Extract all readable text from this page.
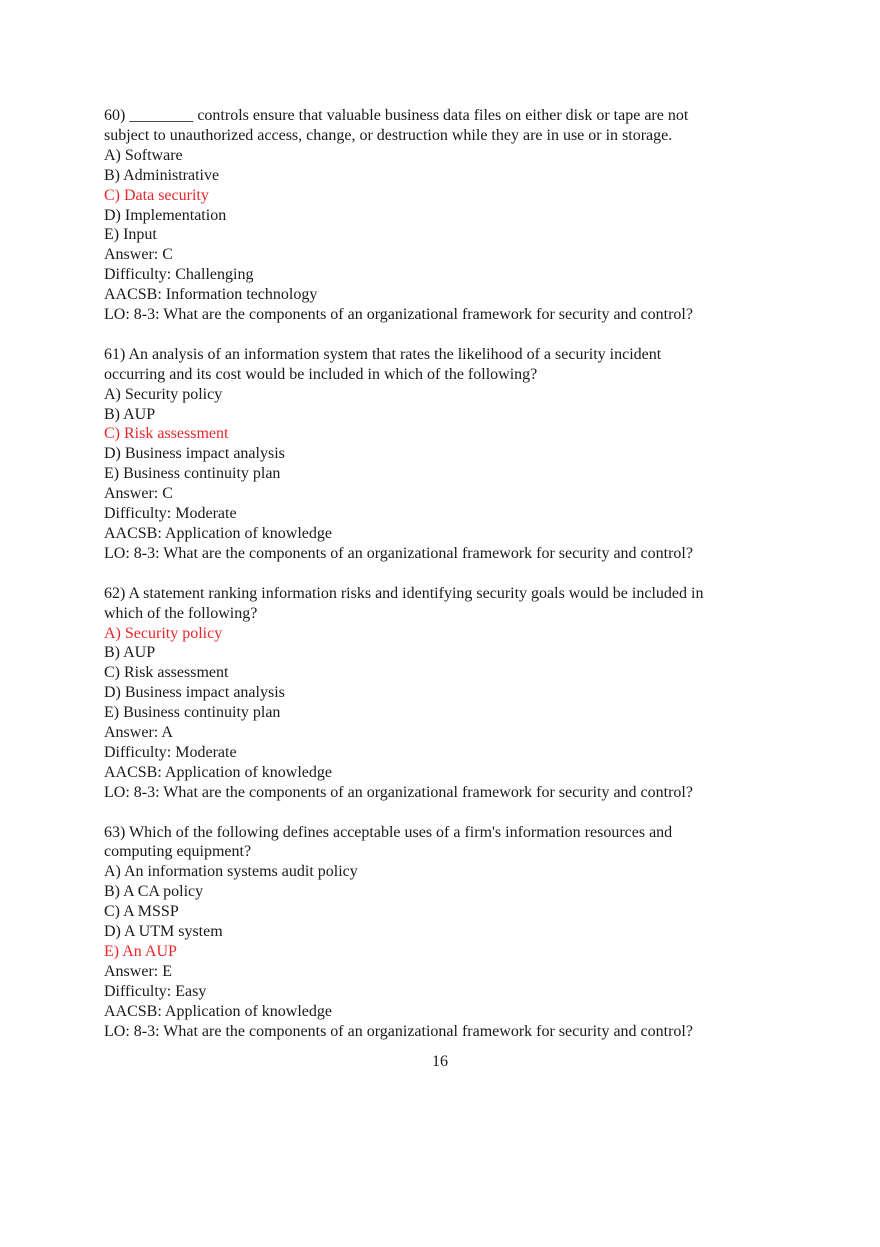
60) ________ controls ensure that valuable business data files on either disk or tape are not
subject to unauthorized access, change, or destruction while they are in use or in storage.
A) Software
B) Administrative
C) Data security
D) Implementation
E) Input
Answer: C
Difficulty: Challenging
AACSB: Information technology
LO: 8-3: What are the components of an organizational framework for security and control?
61) An analysis of an information system that rates the likelihood of a security incident
occurring and its cost would be included in which of the following?
A) Security policy
B) AUP
C) Risk assessment
D) Business impact analysis
E) Business continuity plan
Answer: C
Difficulty: Moderate
AACSB: Application of knowledge
LO: 8-3: What are the components of an organizational framework for security and control?
62) A statement ranking information risks and identifying security goals would be included in
which of the following?
A) Security policy
B) AUP
C) Risk assessment
D) Business impact analysis
E) Business continuity plan
Answer: A
Difficulty: Moderate
AACSB: Application of knowledge
LO: 8-3: What are the components of an organizational framework for security and control?
63) Which of the following defines acceptable uses of a firm's information resources and
computing equipment?
A) An information systems audit policy
B) A CA policy
C) A MSSP
D) A UTM system
E) An AUP
Answer: E
Difficulty: Easy
AACSB: Application of knowledge
LO: 8-3: What are the components of an organizational framework for security and control?
16
